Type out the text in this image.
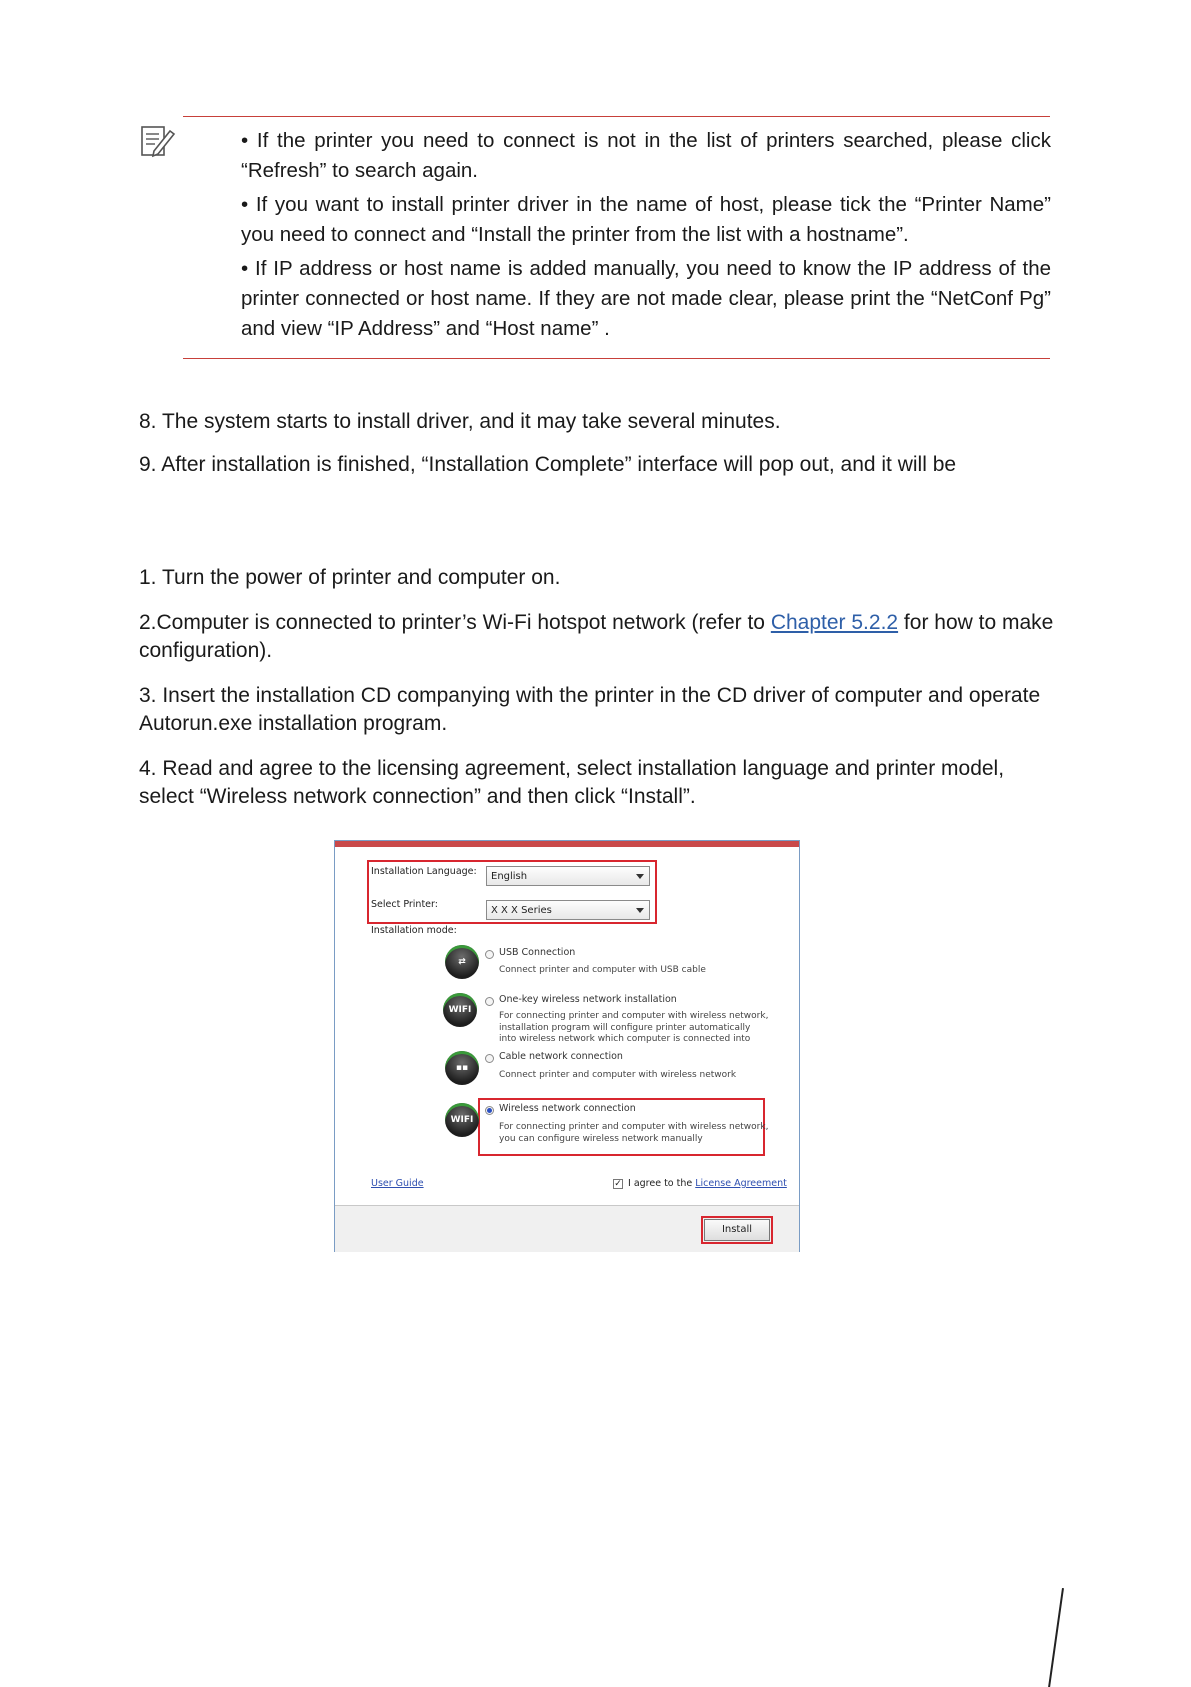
• If the printer you need to connect is not in the list of printers searched, please click “Refresh” to search again.

• If you want to install printer driver in the name of host, please tick the “Printer Name” you need to connect and “Install the printer from the list with a hostname”.

• If IP address or host name is added manually, you need to know the IP address of the printer connected or host name. If they are not made clear, please print the “NetConf Pg” and view “IP Address” and “Host name” .

8. The system starts to install driver, and it may take several minutes.

9. After installation is finished, “Installation Complete” interface will pop out, and it will be

1. Turn the power of printer and computer on.

2.Computer is connected to printer’s Wi-Fi hotspot network (refer to Chapter 5.2.2 for how to make configuration).

3. Insert the installation CD companying with the printer in the CD driver of computer and operate Autorun.exe installation program.

4. Read and agree to the licensing agreement, select installation language and printer model, select “Wireless network connection” and then click “Install”.

Installation Language:	English
Select Printer:
X X X Series
Installation mode:
⇄
USB Connection
Connect printer and computer with USB cable
WIFI
One-key wireless network installation
For connecting printer and computer with wireless network, installation program will configure printer automatically into wireless network which computer is connected into
▪▪
Cable network connection
Connect printer and computer with wireless network
WIFI
Wireless network connection
For connecting printer and computer with wireless network, you can configure wireless network manually
User Guide	✓ I agree to the License Agreement
Install
